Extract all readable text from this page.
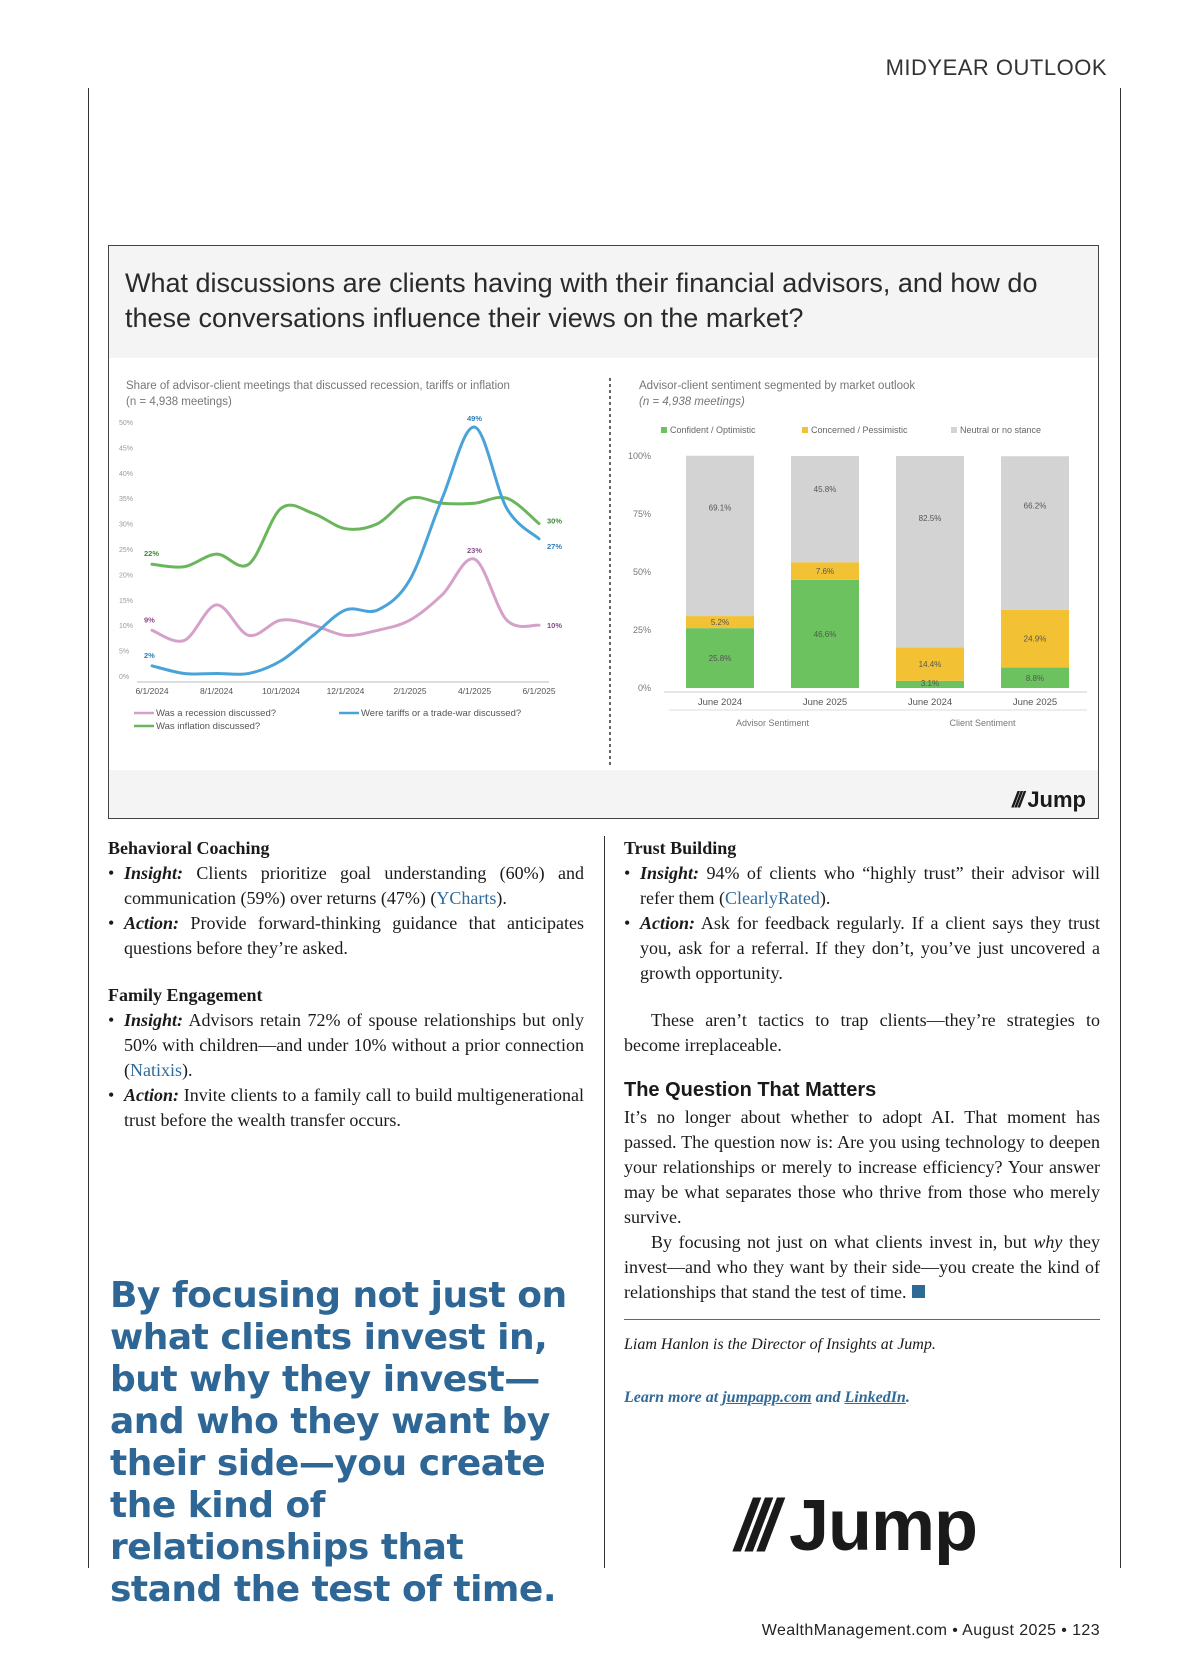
MIDYEAR OUTLOOK
What discussions are clients having with their financial advisors, and how do these conversations influence their views on the market?
Share of advisor-client meetings that discussed recession, tariffs or inflation
(n = 4,938 meetings)
0%
5%
10%
15%
20%
25%
30%
35%
40%
45%
50%
6/1/2024	8/1/2024	10/1/2024	12/1/2024	2/1/2025	4/1/2025	6/1/2025
9%
10%
23%
2%
27%
49%
22%
30%
Was a recession discussed?	Were tariffs or a trade-war discussed?
Was inflation discussed?
Advisor-client sentiment segmented by market outlook
(n = 4,938 meetings)
Confident / Optimistic	Concerned / Pessimistic	Neutral or no stance
0%
25%
50%
75%
100%
25.8%
5.2%
69.1%
46.6%
7.6%
45.8%
3.1%
14.4%
82.5%
8.8%
24.9%
66.2%
June 2024	June 2025	June 2024	June 2025
Advisor Sentiment	Client Sentiment
/// Jump
Behavioral Coaching
• Insight: Clients prioritize goal understanding (60%) and communication (59%) over returns (47%) (YCharts).
• Action: Provide forward-thinking guidance that anticipates questions before they’re asked.
Family Engagement
• Insight: Advisors retain 72% of spouse relationships but only 50% with children—and under 10% without a prior connection (Natixis).
• Action: Invite clients to a family call to build multigenerational trust before the wealth transfer occurs.
By focusing not just on what clients invest in, but why they invest—and who they want by their side—you create the kind of relationships that stand the test of time.
Trust Building
• Insight: 94% of clients who “highly trust” their advisor will refer them (ClearlyRated).
• Action: Ask for feedback regularly. If a client says they trust you, ask for a referral. If they don’t, you’ve just uncovered a growth opportunity.

These aren’t tactics to trap clients—they’re strategies to become irreplaceable.

The Question That Matters

It’s no longer about whether to adopt AI. That moment has passed. The question now is: Are you using technology to deepen your relationships or merely to increase efficiency? Your answer may be what separates those who thrive from those who merely survive.

By focusing not just on what clients invest in, but why they invest—and who they want by their side—you create the kind of relationships that stand the test of time.

Liam Hanlon is the Director of Insights at Jump.

Learn more at jumpapp.com and LinkedIn.

/// Jump
WealthManagement.com • August 2025 • 123
